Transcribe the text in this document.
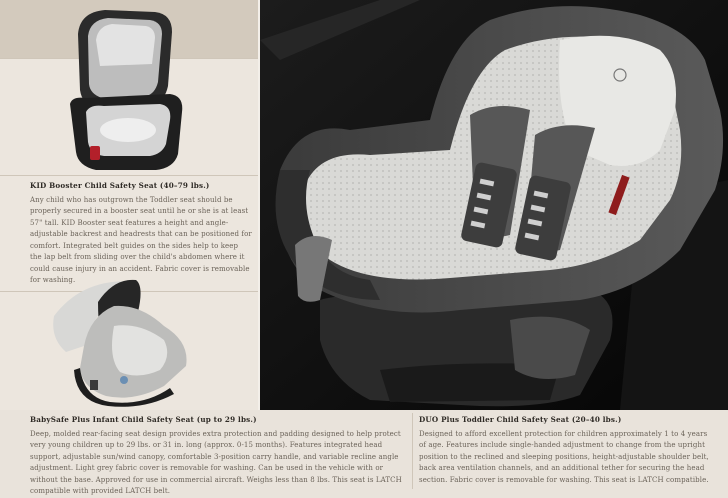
KID Booster Child Safety Seat (40–79 lbs.)
Any child who has outgrown the Toddler seat should be properly secured in a booster seat until he or she is at least 57" tall. KID Booster seat features a height and angle-adjustable backrest and headrests that can be positioned for comfort. Integrated belt guides on the sides help to keep the lap belt from sliding over the child's abdomen where it could cause injury in an accident. Fabric cover is removable for washing.
BabySafe Plus Infant Child Safety Seat (up to 29 lbs.)
Deep, molded rear-facing seat design provides extra protection and padding designed to help protect very young children up to 29 lbs. or 31 in. long (approx. 0-15 months). Features integrated head support, adjustable sun/wind canopy, comfortable 3-position carry handle, and variable recline angle adjustment. Light grey fabric cover is removable for washing. Can be used in the vehicle with or without the base. Approved for use in commercial aircraft. Weighs less than 8 lbs. This seat is LATCH compatible with provided LATCH belt.
DUO Plus Toddler Child Safety Seat (20–40 lbs.)
Designed to afford excellent protection for children approximately 1 to 4 years of age. Features include single-handed adjustment to change from the upright position to the reclined and sleeping positions, height-adjustable shoulder belt, back area ventilation channels, and an additional tether for securing the head section. Fabric cover is removable for washing. This seat is LATCH compatible.
